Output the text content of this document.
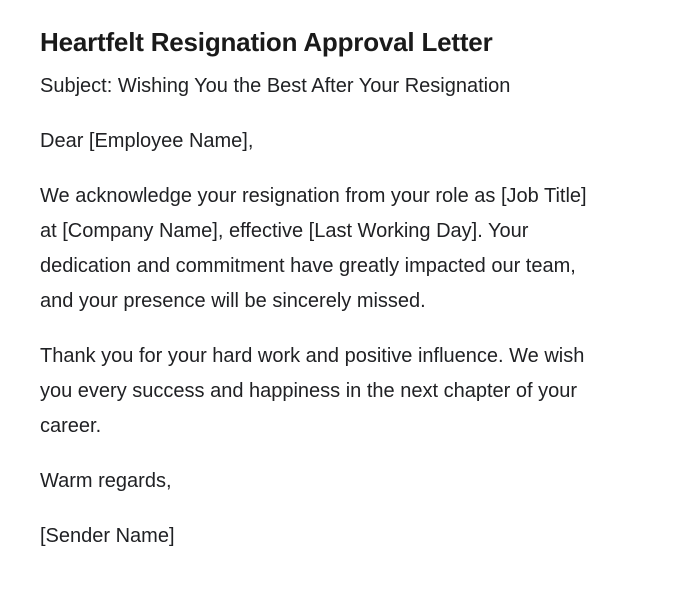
Heartfelt Resignation Approval Letter

Subject: Wishing You the Best After Your Resignation

Dear [Employee Name],

We acknowledge your resignation from your role as [Job Title] at [Company Name], effective [Last Working Day]. Your dedication and commitment have greatly impacted our team, and your presence will be sincerely missed.

Thank you for your hard work and positive influence. We wish you every success and happiness in the next chapter of your career.

Warm regards,

[Sender Name]
